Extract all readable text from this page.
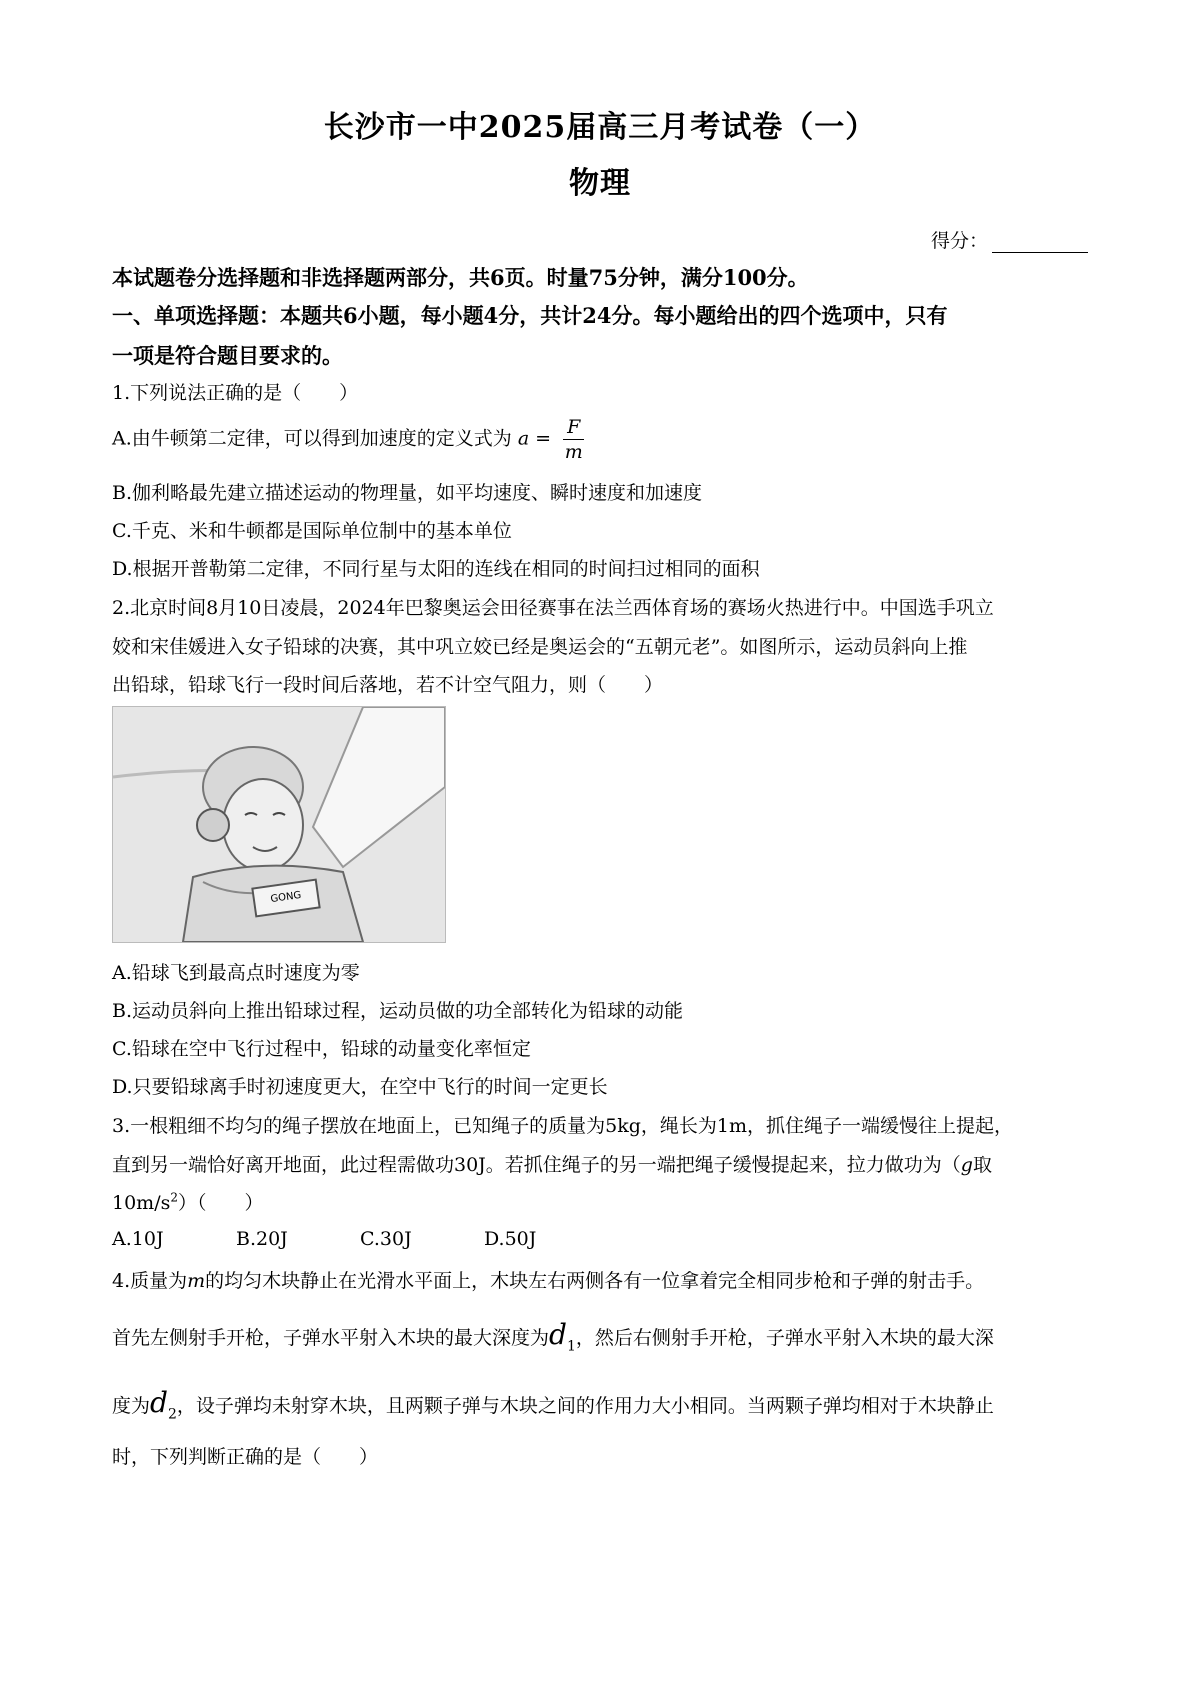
长沙市一中2025届高三月考试卷（一）
物理
得分：
本试题卷分选择题和非选择题两部分，共6页。时量75分钟，满分100分。
一、单项选择题：本题共6小题，每小题4分，共计24分。每小题给出的四个选项中，只有
一项是符合题目要求的。
1.下列说法正确的是（　　）
A.由牛顿第二定律，可以得到加速度的定义式为 $a = \frac{F}{m}$
B.伽利略最先建立描述运动的物理量，如平均速度、瞬时速度和加速度
C.千克、米和牛顿都是国际单位制中的基本单位
D.根据开普勒第二定律，不同行星与太阳的连线在相同的时间扫过相同的面积
2.北京时间8月10日凌晨，2024年巴黎奥运会田径赛事在法兰西体育场的赛场火热进行中。中国选手巩立
姣和宋佳媛进入女子铅球的决赛，其中巩立姣已经是奥运会的“五朝元老”。如图所示，运动员斜向上推
出铅球，铅球飞行一段时间后落地，若不计空气阻力，则（　　）
GONG
A.铅球飞到最高点时速度为零
B.运动员斜向上推出铅球过程，运动员做的功全部转化为铅球的动能
C.铅球在空中飞行过程中，铅球的动量变化率恒定
D.只要铅球离手时初速度更大，在空中飞行的时间一定更长
3.一根粗细不均匀的绳子摆放在地面上，已知绳子的质量为5kg，绳长为1m，抓住绳子一端缓慢往上提起，
直到另一端恰好离开地面，此过程需做功30J。若抓住绳子的另一端把绳子缓慢提起来，拉力做功为（g取
$10m/s^2$）（　　）
A.10J	B.20J	C.30J	D.50J
4.质量为m的均匀木块静止在光滑水平面上，木块左右两侧各有一位拿着完全相同步枪和子弹的射击手。
首先左侧射手开枪，子弹水平射入木块的最大深度为$d_1$，然后右侧射手开枪，子弹水平射入木块的最大深
度为$d_2$，设子弹均未射穿木块，且两颗子弹与木块之间的作用力大小相同。当两颗子弹均相对于木块静止
时，下列判断正确的是（　　）
